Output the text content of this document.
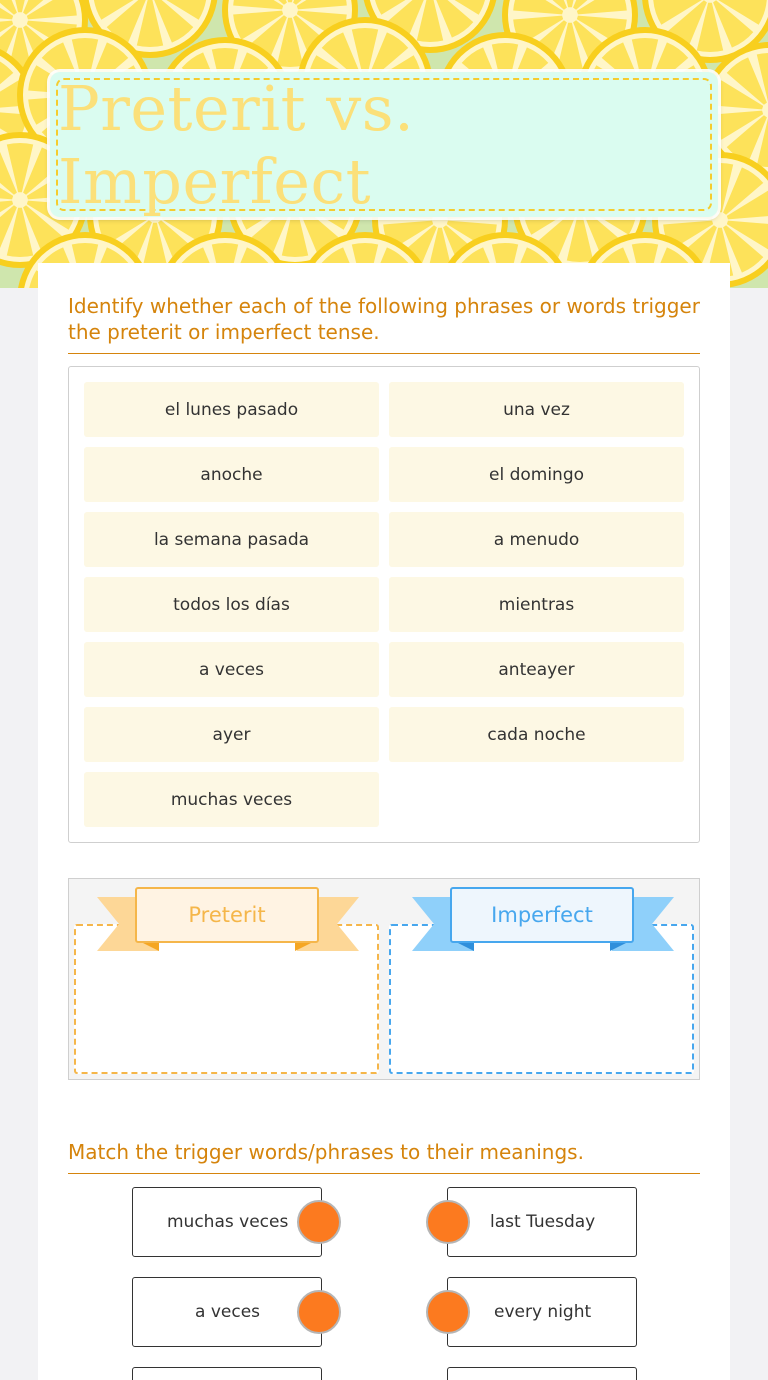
Preterit vs. Imperfect
Identify whether each of the following phrases or words trigger the preterit or imperfect tense.
el lunes pasado	una vez
anoche	el domingo
la semana pasada	a menudo
todos los días	mientras
a veces	anteayer
ayer	cada noche
muchas veces
Preterit	Imperfect
Match the trigger words/phrases to their meanings.
muchas veces	last Tuesday
a veces	every night
